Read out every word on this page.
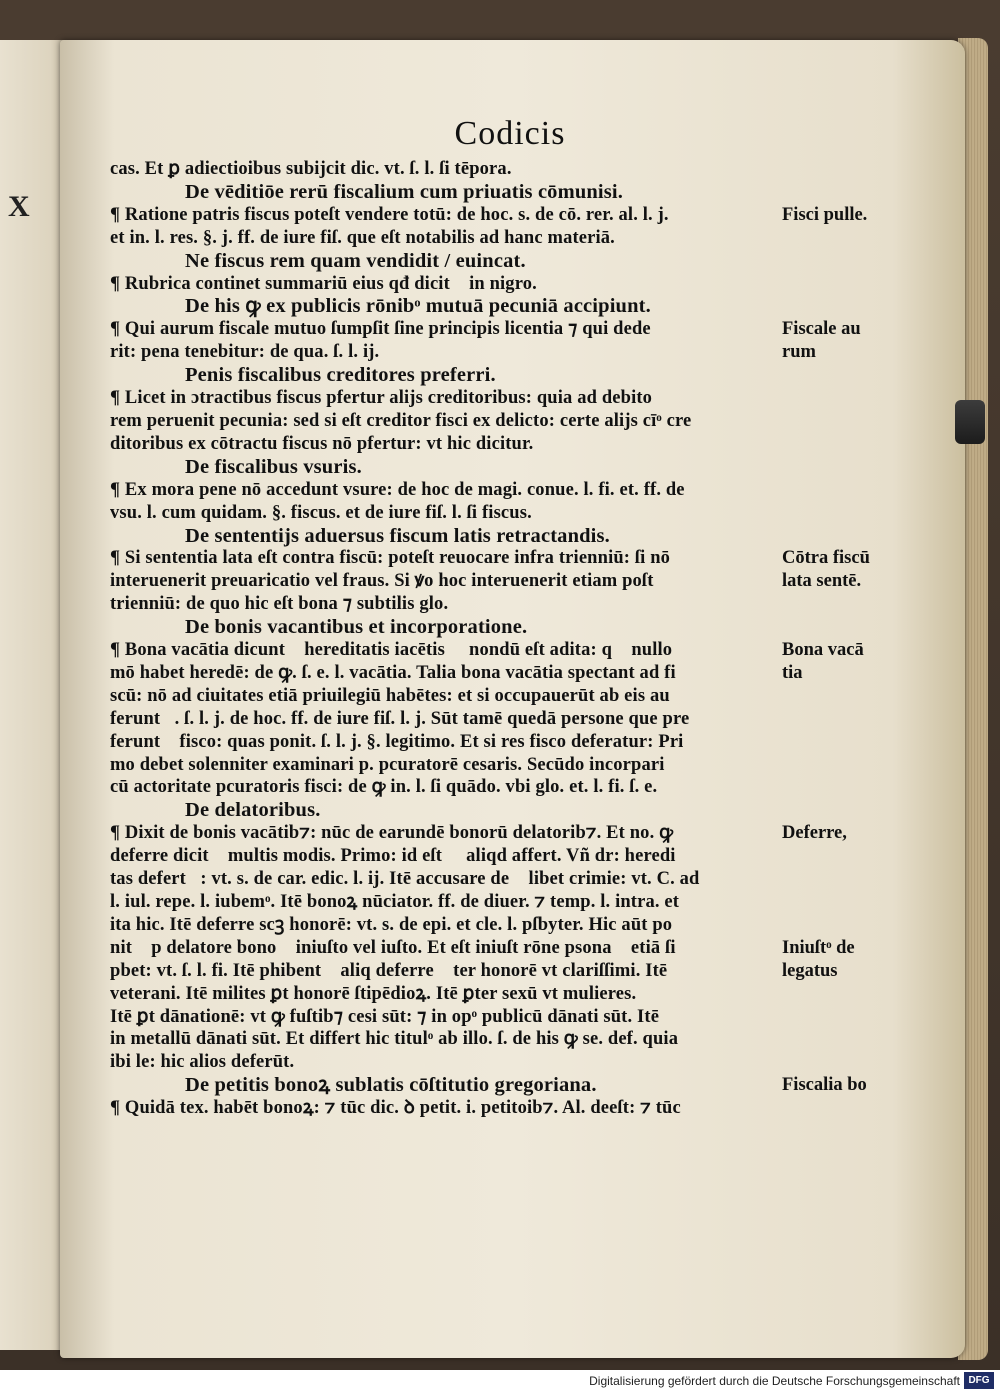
X
Codicis
cas. Et ꝑ adiectioibus subijcit dic. vt. ſ. l. ſi tēpora.
De vēditiōe rerū fiscalium cum priuatis cōmunisi.
¶ Ratione patris fiscus poteſt vendere totū: de hoc. s. de cō. rer. al. l. j.
et in. l. res. §. j. ff. de iure fiſ. que eſt notabilis ad hanc materiā.
Ne fiscus rem quam vendidit / euincat.
¶ Rubrica continet summariū eius qđ dicitᷣ in nigro.
De his ꝙ ex publicis rōnibᵒ mutuā pecuniā accipiunt.
¶ Qui aurum fiscale mutuo ſumpſit ſine principis licentia ⁊ qui dede
rit: pena tenebitur: de qua. ſ. l. ij.
Penis fiscalibus creditores preferri.
¶ Licet in ɔtractibus fiscus pfertur alijs creditoribus: quia ad debito
rem peruenit pecunia: sed si eſt creditor fisci ex delicto: certe alijs cīᵒ cre
ditoribus ex cōtractu fiscus nō pfertur: vt hic dicitur.
De fiscalibus vsuris.
¶ Ex mora pene nō accedunt vsure: de hoc de magi. conue. l. fi. et. ff. de
vsu. l. cum quidam. §. fiscus. et de iure fiſ. l. ſi fiscus.
De sententijs aduersus fiscum latis retractandis.
¶ Si sententia lata eſt contra fiscū: poteſt reuocare infra trienniū: ſi nō
interuenerit preuaricatio vel fraus. Si ꝟo hoc interuenerit etiam poſt
trienniū: de quo hic eſt bona ⁊ subtilis glo.
De bonis vacantibus et incorporatione.
¶ Bona vacātia dicuntᷣ hereditatis iacētis ꝙ nondū eſt adita: qꝛ nullo
mō habet heredē: de ꝙ. ſ. e. l. vacātia. Talia bona vacātia spectant ad fi
scū: nō ad ciuitates etiā priuilegiū habētes: et si occupauerūt ab eis au
feruntᷣ. ſ. l. j. de hoc. ff. de iure fiſ. l. j. Sūt tamē quedā persone que pre
feruntᷣ fisco: quas ponit. ſ. l. j. §. legitimo. Et si res fisco deferatur: Pri
mo debet solenniter examinari p. pcuratorē cesaris. Secūdo incorpari
cū actoritate pcuratoris fisci: de ꝙ in. l. ſi quādo. vbi glo. et. l. fi. ſ. e.
De delatoribus.
¶ Dixit de bonis vacātib⁊: nūc de earundē bonorū delatorib⁊. Et no. ꝙ
deferre dicitᷣ multis modis. Primo: id eſt ꝙ aliqd affert. Vñ dr: heredi
tas defertᷣ: vt. s. de car. edic. l. ij. Itē accusare de ꝗlibet crimie: vt. C. ad
l. iul. repe. l. iubemᵒ. Itē bonoꝝ nūciator. ff. de diuer. ⁊ temp. l. intra. et
ita hic. Itē deferre scꝫ honorē: vt. s. de epi. et cle. l. pſbyter. Hic aūt po
nitᷣ p delatore bonoꝝ iniuſto vel iuſto. Et eſt iniuſt rōne psonaꝝ etiā ſi
pbet: vt. ſ. l. fi. Itē phibentᷣ aliq deferre ꝑter honorē vt clariſſimi. Itē
veterani. Itē milites ꝑt honorē ſtipēdioꝝ. Itē ꝑter sexū vt mulieres.
Itē ꝑt dānationē: vt ꝙ fuſtib⁊ cesi sūt: ⁊ in opᵒ publicū dānati sūt. Itē
in metallū dānati sūt. Et differt hic titulᵒ ab illo. ſ. de his ꝙ se. def. quia
ibi le: hic alios deferūt.
De petitis bonoꝝ sublatis cōſtitutio gregoriana.
¶ Quidā tex. habēt bonoꝝ: ⁊ tūc dic. ꝺ petit. i. petitoib⁊. Al. deeſt: ⁊ tūc
Fisci pulle.
Fiscale au
rum
Cōtra fiscū
lata sentē.
Bona vacā
tia
Deferre,
Iniuſtᵒ de
legatus
Fiscalia bo
Digitalisierung gefördert durch die Deutsche Forschungsgemeinschaft DFG
